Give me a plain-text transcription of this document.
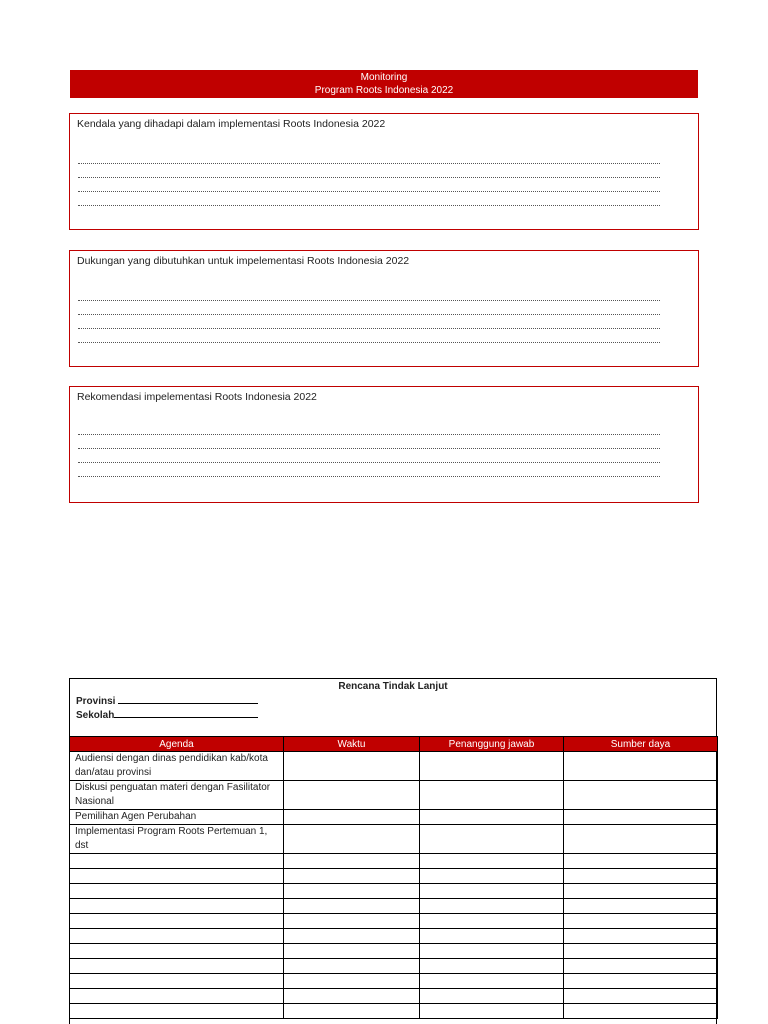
Monitoring
Program Roots Indonesia 2022
Kendala yang dihadapi dalam implementasi Roots Indonesia 2022
Dukungan yang dibutuhkan untuk impelementasi Roots Indonesia 2022
Rekomendasi impelementasi Roots Indonesia 2022
Rencana Tindak Lanjut
Provinsi
Sekolah
Agenda	Waktu	Penanggung jawab	Sumber daya
Audiensi dengan dinas pendidikan kab/kota dan/atau provinsi			
Diskusi penguatan materi dengan Fasilitator Nasional			
Pemilihan Agen Perubahan			
Implementasi Program Roots Pertemuan 1, dst			
